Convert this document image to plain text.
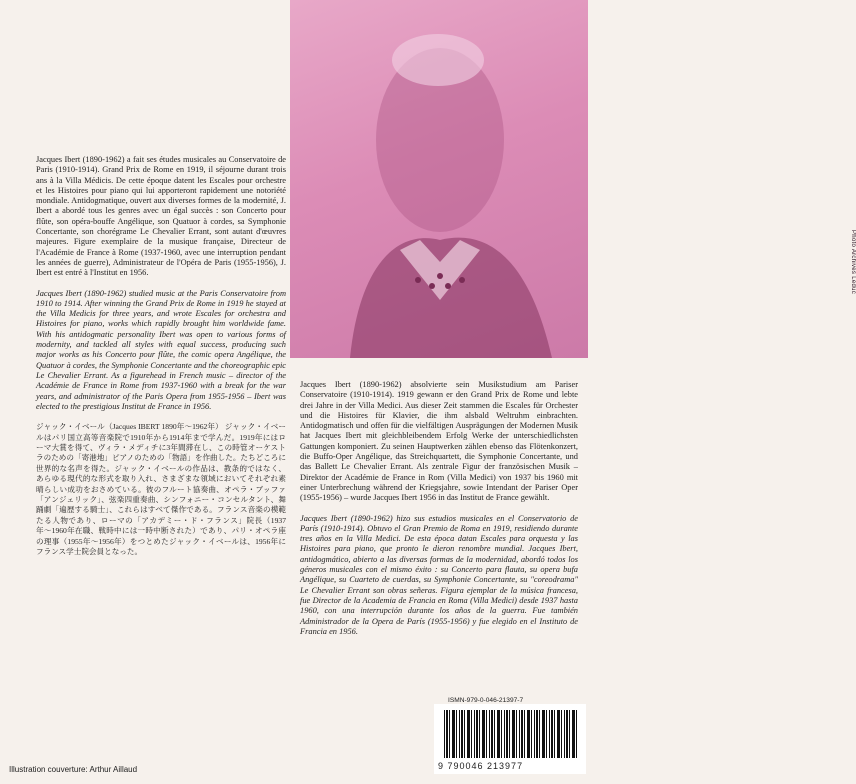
Photo Archives Leduc

Jacques Ibert (1890-1962) a fait ses études musicales au Conservatoire de Paris (1910-1914). Grand Prix de Rome en 1919, il séjourne durant trois ans à la Villa Médicis. De cette époque datent les Escales pour orchestre et les Histoires pour piano qui lui apporteront rapidement une notoriété mondiale. Antidogmatique, ouvert aux diverses formes de la modernité, J. Ibert a abordé tous les genres avec un égal succès : son Concerto pour flûte, son opéra-bouffe Angélique, son Quatuor à cordes, sa Symphonie Concertante, son chorégrame Le Chevalier Errant, sont autant d'œuvres majeures. Figure exemplaire de la musique française, Directeur de l'Académie de France à Rome (1937-1960, avec une interruption pendant les années de guerre), Administrateur de l'Opéra de Paris (1955-1956), J. Ibert est entré à l'Institut en 1956.

Jacques Ibert (1890-1962) studied music at the Paris Conservatoire from 1910 to 1914. After winning the Grand Prix de Rome in 1919 he stayed at the Villa Medicis for three years, and wrote Escales for orchestra and Histoires for piano, works which rapidly brought him worldwide fame. With his antidogmatic personality Ibert was open to various forms of modernity, and tackled all styles with equal success, producing such major works as his Concerto pour flûte, the comic opera Angélique, the Quatuor à cordes, the Symphonie Concertante and the choreographic epic Le Chevalier Errant. As a figurehead in French music – director of the Académie de France in Rome from 1937-1960 with a break for the war years, and administrator of the Paris Opera from 1955-1956 – Ibert was elected to the prestigious Institut de France in 1956.

ジャック・イベール（Jacques IBERT 1890年〜1962年） ジャック・イベールはパリ国立高等音楽院で1910年から1914年まで学んだ。1919年にはローマ大賞を得て、ヴィラ・メディチに3年間滞在し、この時管オーケストラのための「寄港地」ピアノのための「物語」を作曲した。たちどころに世界的な名声を得た。ジャック・イベールの作品は、教条的ではなく、あらゆる現代的な形式を取り入れ、さまざまな領域においてそれぞれ素晴らしい成功をおさめている。彼のフルート協奏曲、オペラ・ブッファ「アンジェリック」、弦楽四重奏曲、シンフォニー・コンセルタント、舞踊劇「遍歴する騎士」、これらはすべて傑作である。フランス音楽の模範たる人物であり、ローマの「アカデミー・ド・フランス」院長（1937年〜1960年在職、戦時中には一時中断された）であり、パリ・オペラ座の理事（1955年〜1956年）をつとめたジャック・イベールは、1956年にフランス学士院会員となった。

Jacques Ibert (1890-1962) absolvierte sein Musikstudium am Pariser Conservatoire (1910-1914). 1919 gewann er den Grand Prix de Rome und lebte drei Jahre in der Villa Medici. Aus dieser Zeit stammen die Escales für Orchester und die Histoires für Klavier, die ihm alsbald Weltruhm einbrachten. Antidogmatisch und offen für die vielfältigen Ausprägungen der Modernen Musik hat Jacques Ibert mit gleichbleibendem Erfolg Werke der unterschiedlichsten Gattungen komponiert. Zu seinen Hauptwerken zählen ebenso das Flötenkonzert, die Buffo-Oper Angélique, das Streichquartett, die Symphonie Concertante, und das Ballett Le Chevalier Errant. Als zentrale Figur der französischen Musik – Direktor der Académie de France in Rom (Villa Medici) von 1937 bis 1960 mit einer Unterbrechung während der Kriegsjahre, sowie Intendant der Pariser Oper (1955-1956) – wurde Jacques Ibert 1956 in das Institut de France gewählt.

Jacques Ibert (1890-1962) hizo sus estudios musicales en el Conservatorio de París (1910-1914). Obtuvo el Gran Premio de Roma en 1919, residiendo durante tres años en la Villa Medici. De esta época datan Escales para orquesta y las Histoires para piano, que pronto le dieron renombre mundial. Jacques Ibert, antidogmático, abierto a las diversas formas de la modernidad, abordó todos los géneros musicales con el mismo éxito : su Concerto para flauta, su opera bufa Angélique, su Cuarteto de cuerdas, su Symphonie Concertante, su "coreodrama" Le Chevalier Errant son obras señeras. Figura ejemplar de la música francesa, fue Director de la Academia de Francia en Roma (Villa Medici) desde 1937 hasta 1960, con una interrupción durante los años de la guerra. Fue también Administrador de la Opera de París (1955-1956) y fue elegido en el Instituto de Francia en 1956.

ISMN-979-0-046-21397-7
9 790046 213977
Illustration couverture: Arthur Aillaud
